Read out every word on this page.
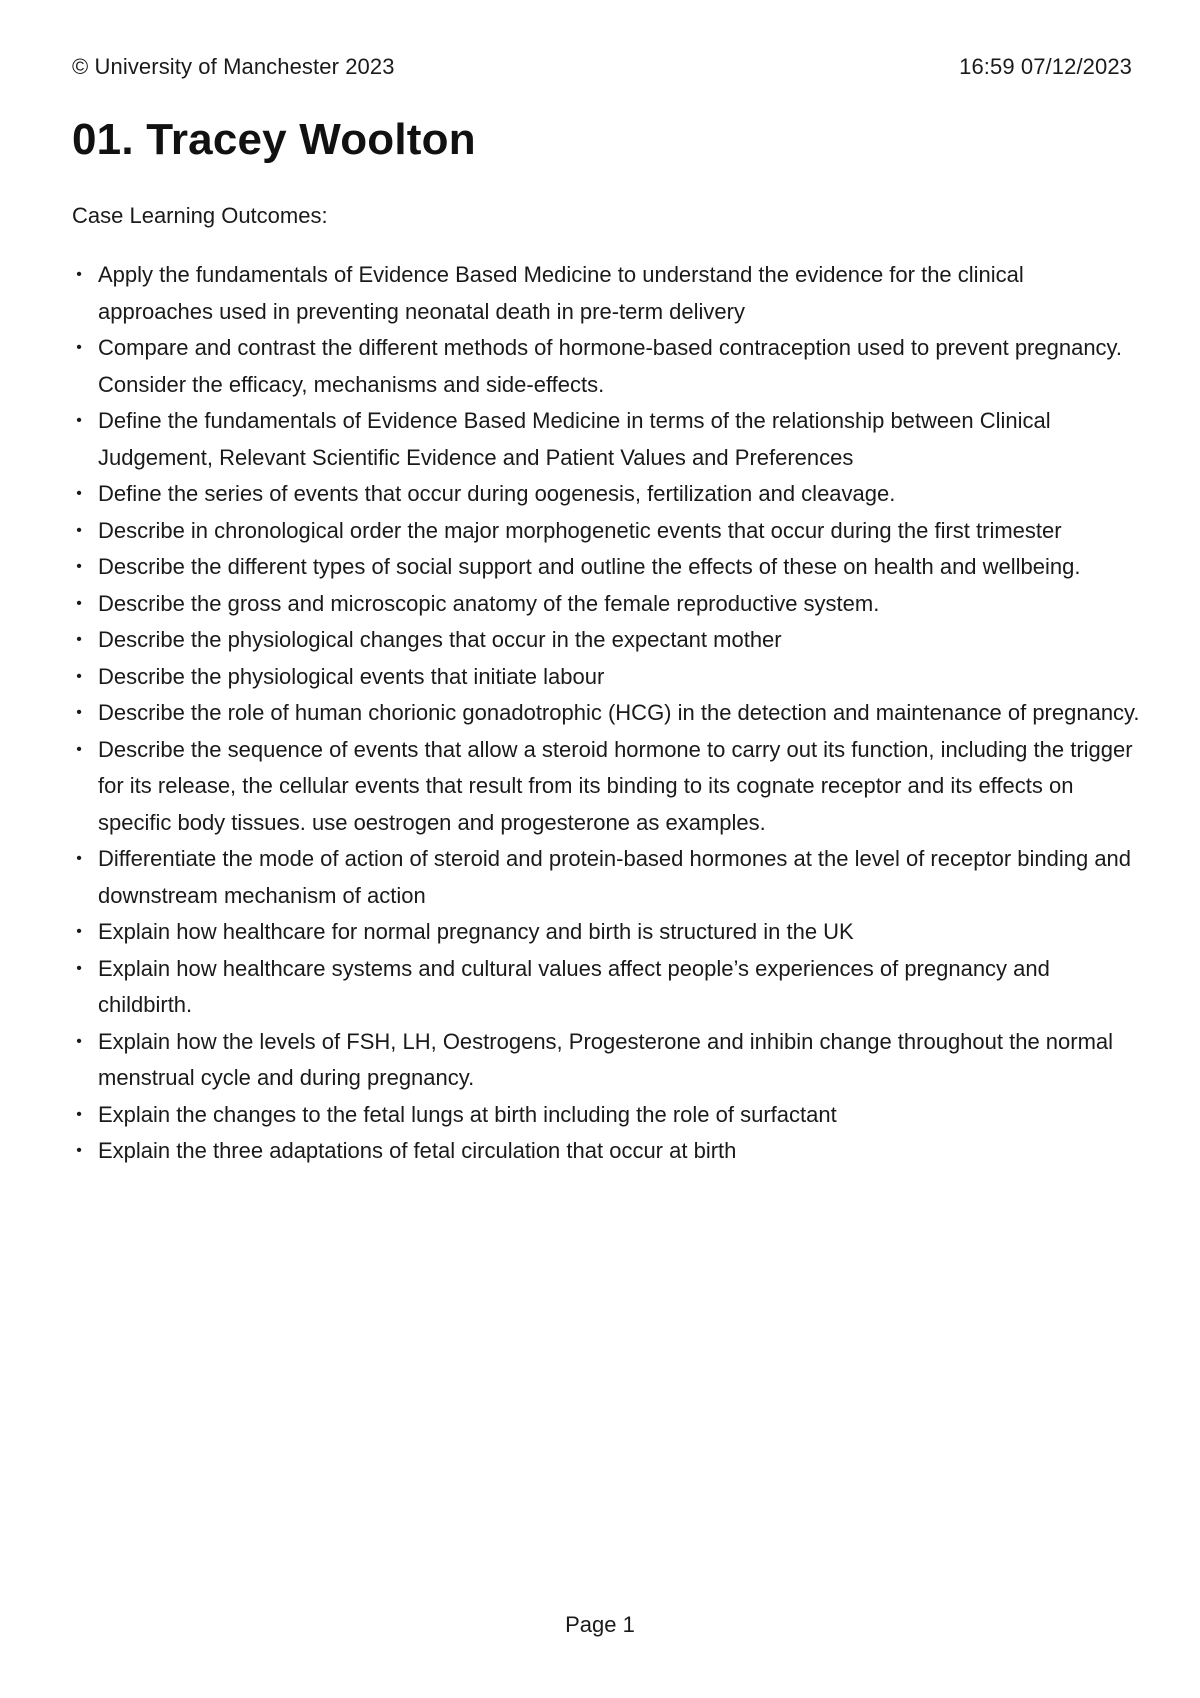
© University of Manchester 2023	16:59 07/12/2023
01. Tracey Woolton

Case Learning Outcomes:

• Apply the fundamentals of Evidence Based Medicine to understand the evidence for the clinical approaches used in preventing neonatal death in pre-term delivery
• Compare and contrast the different methods of hormone-based contraception used to prevent pregnancy. Consider the efficacy, mechanisms and side-effects.
• Define the fundamentals of Evidence Based Medicine in terms of the relationship between Clinical Judgement, Relevant Scientific Evidence and Patient Values and Preferences
• Define the series of events that occur during oogenesis, fertilization and cleavage.
• Describe in chronological order the major morphogenetic events that occur during the first trimester
• Describe the different types of social support and outline the effects of these on health and wellbeing.
• Describe the gross and microscopic anatomy of the female reproductive system.
• Describe the physiological changes that occur in the expectant mother
• Describe the physiological events that initiate labour
• Describe the role of human chorionic gonadotrophic (HCG) in the detection and maintenance of pregnancy.
• Describe the sequence of events that allow a steroid hormone to carry out its function, including the trigger for its release, the cellular events that result from its binding to its cognate receptor and its effects on specific body tissues. use oestrogen and progesterone as examples.
• Differentiate the mode of action of steroid and protein-based hormones at the level of receptor binding and downstream mechanism of action
• Explain how healthcare for normal pregnancy and birth is structured in the UK
• Explain how healthcare systems and cultural values affect people’s experiences of pregnancy and childbirth.
• Explain how the levels of FSH, LH, Oestrogens, Progesterone and inhibin change throughout the normal menstrual cycle and during pregnancy.
• Explain the changes to the fetal lungs at birth including the role of surfactant
• Explain the three adaptations of fetal circulation that occur at birth
Page 1
